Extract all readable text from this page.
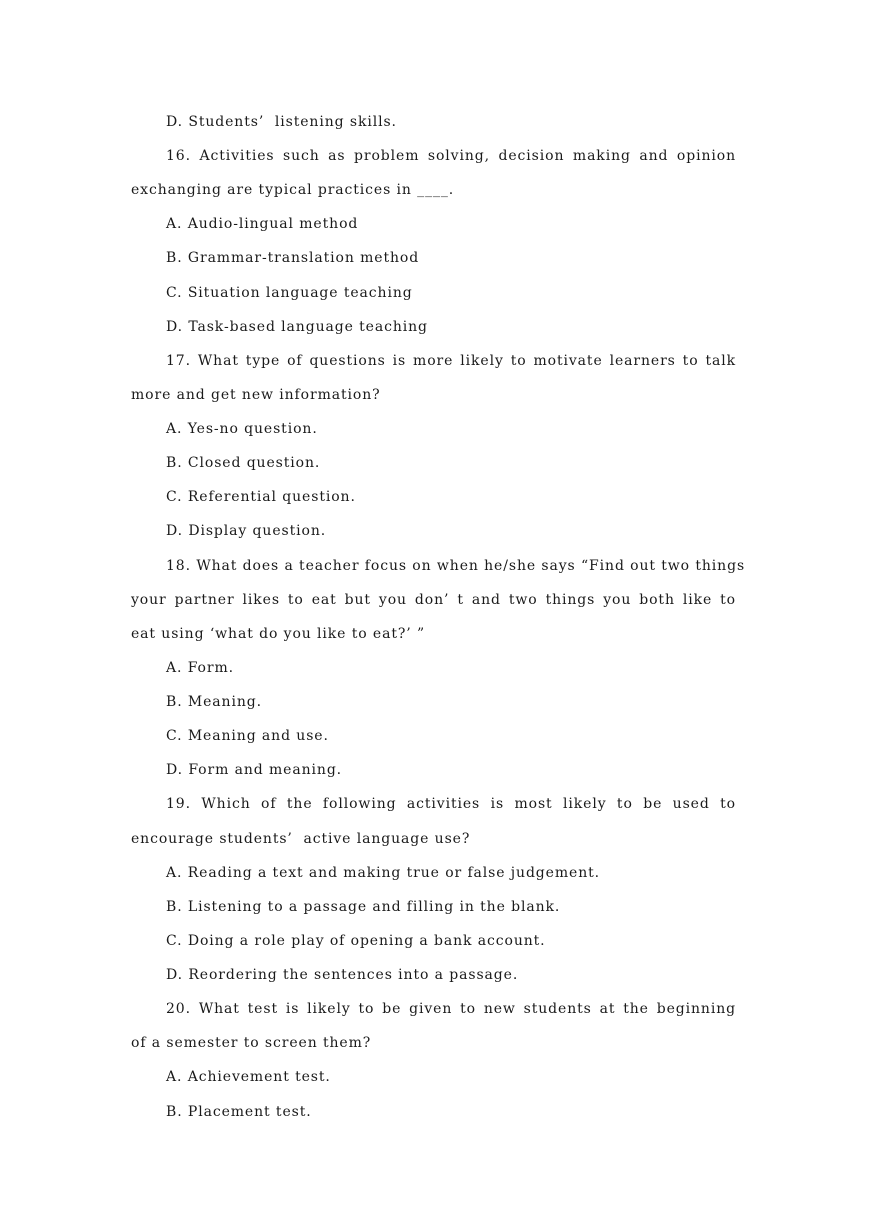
D. Students’  listening skills.
16. Activities such as problem solving, decision making and opinion
exchanging are typical practices in ____.
A. Audio-lingual method
B. Grammar-translation method
C. Situation language teaching
D. Task-based language teaching
17. What type of questions is more likely to motivate learners to talk
more and get new information?
A. Yes-no question.
B. Closed question.
C. Referential question.
D. Display question.
18. What does a teacher focus on when he/she says “Find out two things
your partner likes to eat but you don’ t and two things you both like to
eat using ‘what do you like to eat?’ ”
A. Form.
B. Meaning.
C. Meaning and use.
D. Form and meaning.
19. Which of the following activities is most likely to be used to
encourage students’  active language use?
A. Reading a text and making true or false judgement.
B. Listening to a passage and filling in the blank.
C. Doing a role play of opening a bank account.
D. Reordering the sentences into a passage.
20. What test is likely to be given to new students at the beginning
of a semester to screen them?
A. Achievement test.
B. Placement test.
